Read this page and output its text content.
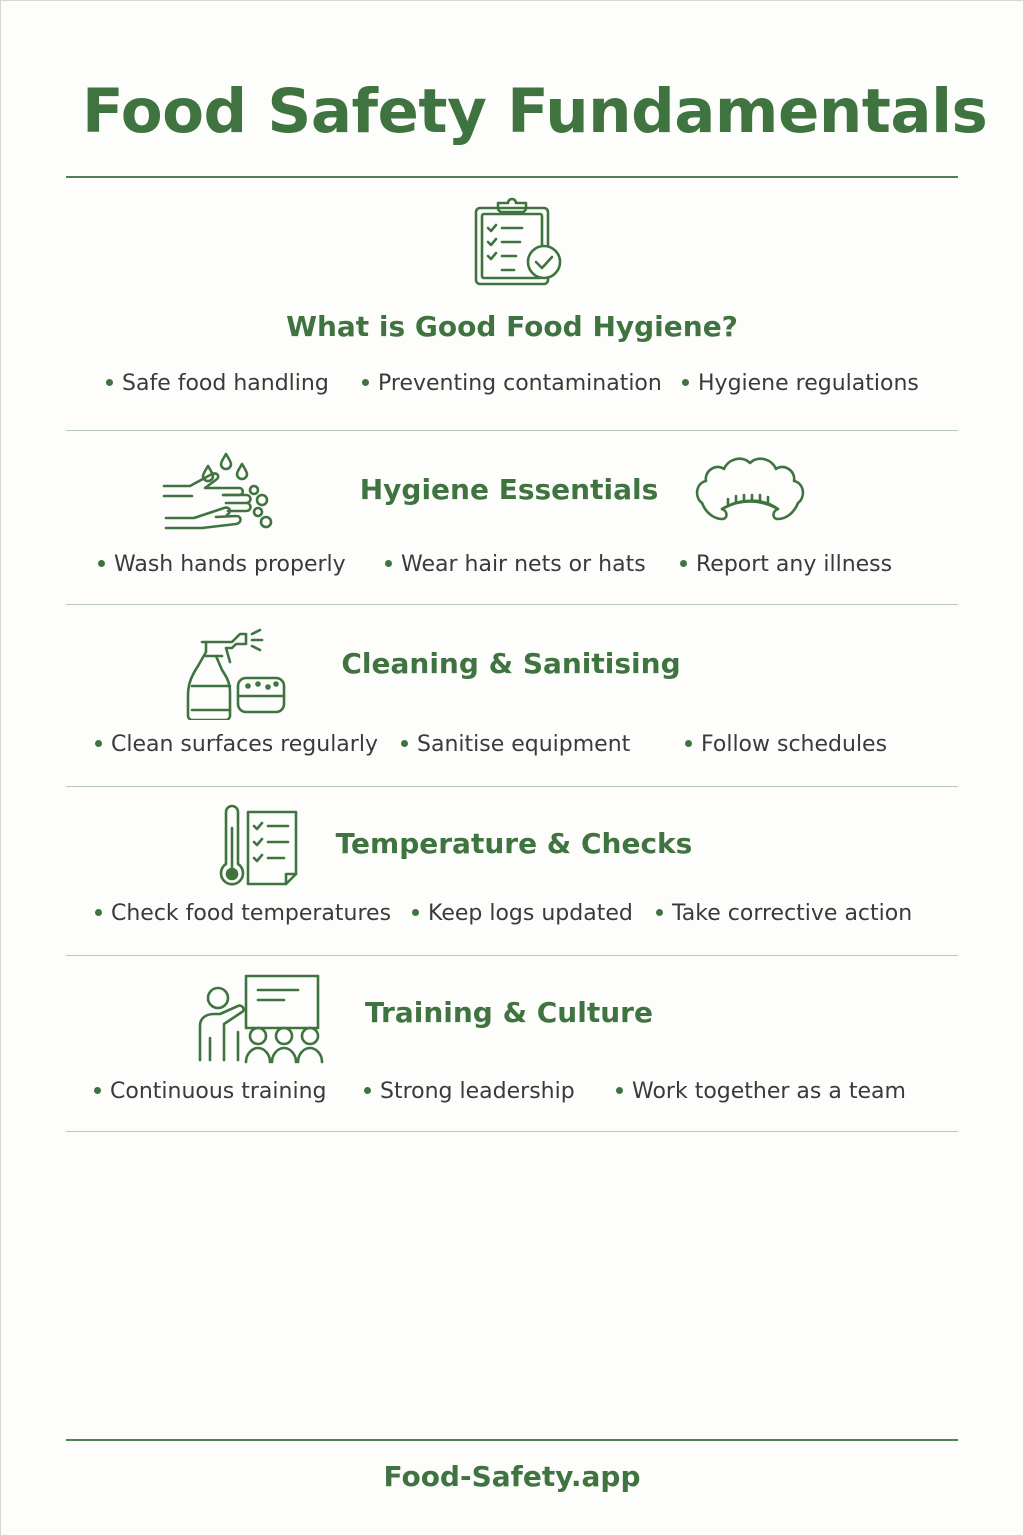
Food Safety Fundamentals
What is Good Food Hygiene?
Safe food handling	Preventing contamination	Hygiene regulations
Hygiene Essentials
Wash hands properly	Wear hair nets or hats	Report any illness
Cleaning & Sanitising
Clean surfaces regularly	Sanitise equipment	Follow schedules
Temperature & Checks
Check food temperatures	Keep logs updated	Take corrective action
Training & Culture
Continuous training	Strong leadership	Work together as a team
Food-Safety.app
